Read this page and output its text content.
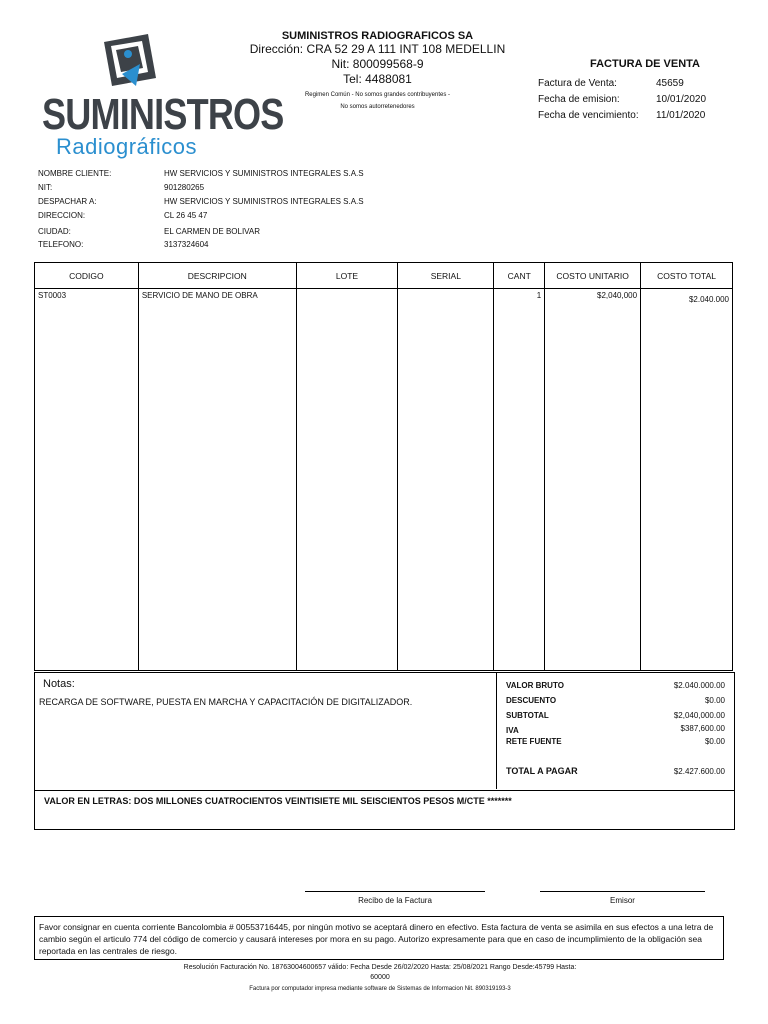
SUMINISTROS
Radiográficos
SUMINISTROS RADIOGRAFICOS SA
Dirección: CRA 52 29 A 111 INT 108 MEDELLIN
Nit: 800099568-9
Tel: 4488081
Regimen Común - No somos grandes contribuyentes -
No somos autorretenedores
FACTURA DE VENTA
Factura de Venta:	45659
Fecha de emision:	10/01/2020
Fecha de vencimiento: 11/01/2020
NOMBRE CLIENTE:	HW SERVICIOS Y SUMINISTROS INTEGRALES S.A.S
NIT:	901280265
DESPACHAR A:	HW SERVICIOS Y SUMINISTROS INTEGRALES S.A.S
DIRECCION:	CL 26 45 47
CIUDAD:	EL CARMEN DE BOLIVAR
TELEFONO:	3137324604
CODIGO	DESCRIPCION	LOTE	SERIAL	CANT	COSTO UNITARIO	COSTO TOTAL
ST0003	SERVICIO DE MANO DE OBRA			1	$2,040,000	$2.040.000
Notas:
RECARGA DE SOFTWARE, PUESTA EN MARCHA Y CAPACITACIÓN DE DIGITALIZADOR.
VALOR BRUTO	$2.040.000.00
DESCUENTO	$0.00
SUBTOTAL	$2,040,000.00
IVA	$387,600.00
RETE FUENTE	$0.00
TOTAL A PAGAR	$2.427.600.00
VALOR EN LETRAS: DOS MILLONES CUATROCIENTOS VEINTISIETE MIL SEISCIENTOS PESOS M/CTE *******
Recibo de la Factura	Emisor
Favor consignar en cuenta corriente Bancolombia # 00553716445, por ningún motivo se aceptará dinero en efectivo. Esta factura de venta se asimila en sus efectos a una letra de cambio según el articulo 774 del código de comercio y causará intereses por mora en su pago. Autorizo expresamente para que en caso de incumplimiento de la obligación sea reportada en las centrales de riesgo.
Resolución Facturación No. 18763004600657 válido: Fecha Desde 26/02/2020 Hasta: 25/08/2021 Rango Desde:45799 Hasta:
60000
Factura por computador impresa mediante software de Sistemas de Informacion Nit. 890319193-3
